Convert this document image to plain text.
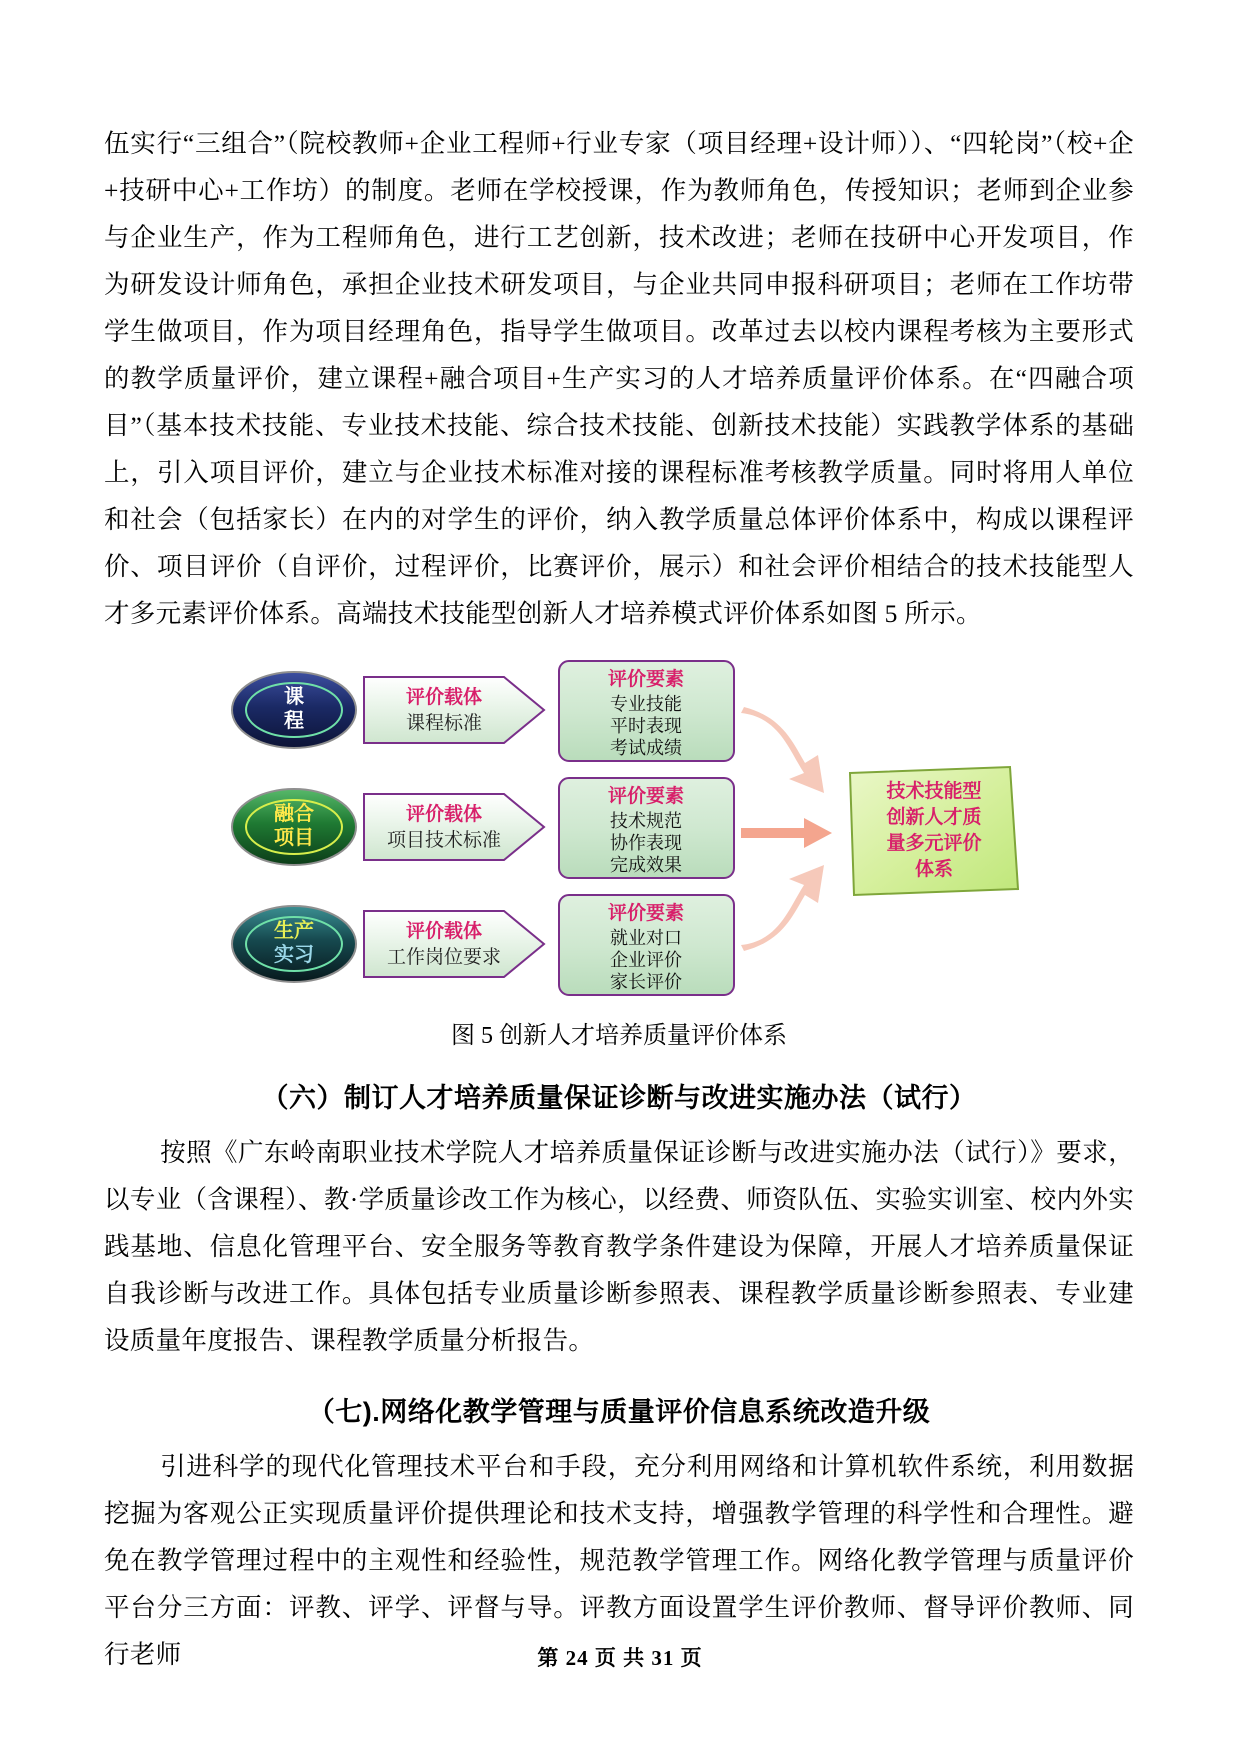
伍实行“三组合”（院校教师+企业工程师+行业专家（项目经理+设计师））、“四轮岗”（校+企+技研中心+工作坊）的制度。老师在学校授课，作为教师角色，传授知识；老师到企业参与企业生产，作为工程师角色，进行工艺创新，技术改进；老师在技研中心开发项目，作为研发设计师角色，承担企业技术研发项目，与企业共同申报科研项目；老师在工作坊带学生做项目，作为项目经理角色，指导学生做项目。改革过去以校内课程考核为主要形式的教学质量评价，建立课程+融合项目+生产实习的人才培养质量评价体系。在“四融合项目”（基本技术技能、专业技术技能、综合技术技能、创新技术技能）实践教学体系的基础上，引入项目评价，建立与企业技术标准对接的课程标准考核教学质量。同时将用人单位和社会（包括家长）在内的对学生的评价，纳入教学质量总体评价体系中，构成以课程评价、项目评价（自评价，过程评价，比赛评价，展示）和社会评价相结合的技术技能型人才多元素评价体系。高端技术技能型创新人才培养模式评价体系如图 5 所示。

课
程
评价载体
课程标准
评价要素
专业技能
平时表现
考试成绩
融合
项目
评价载体
项目技术标准
评价要素
技术规范
协作表现
完成效果
生产
实习
评价载体
工作岗位要求
评价要素
就业对口
企业评价
家长评价
技术技能型
创新人才质
量多元评价
体系
图 5 创新人才培养质量评价体系
（六）制订人才培养质量保证诊断与改进实施办法（试行）

按照《广东岭南职业技术学院人才培养质量保证诊断与改进实施办法（试行）》要求，以专业（含课程）、教·学质量诊改工作为核心，以经费、师资队伍、实验实训室、校内外实践基地、信息化管理平台、安全服务等教育教学条件建设为保障，开展人才培养质量保证自我诊断与改进工作。具体包括专业质量诊断参照表、课程教学质量诊断参照表、专业建设质量年度报告、课程教学质量分析报告。

（七).网络化教学管理与质量评价信息系统改造升级

引进科学的现代化管理技术平台和手段，充分利用网络和计算机软件系统，利用数据挖掘为客观公正实现质量评价提供理论和技术支持，增强教学管理的科学性和合理性。避免在教学管理过程中的主观性和经验性，规范教学管理工作。网络化教学管理与质量评价平台分三方面：评教、评学、评督与导。评教方面设置学生评价教师、督导评价教师、同行老师	第 24 页 共 31 页
